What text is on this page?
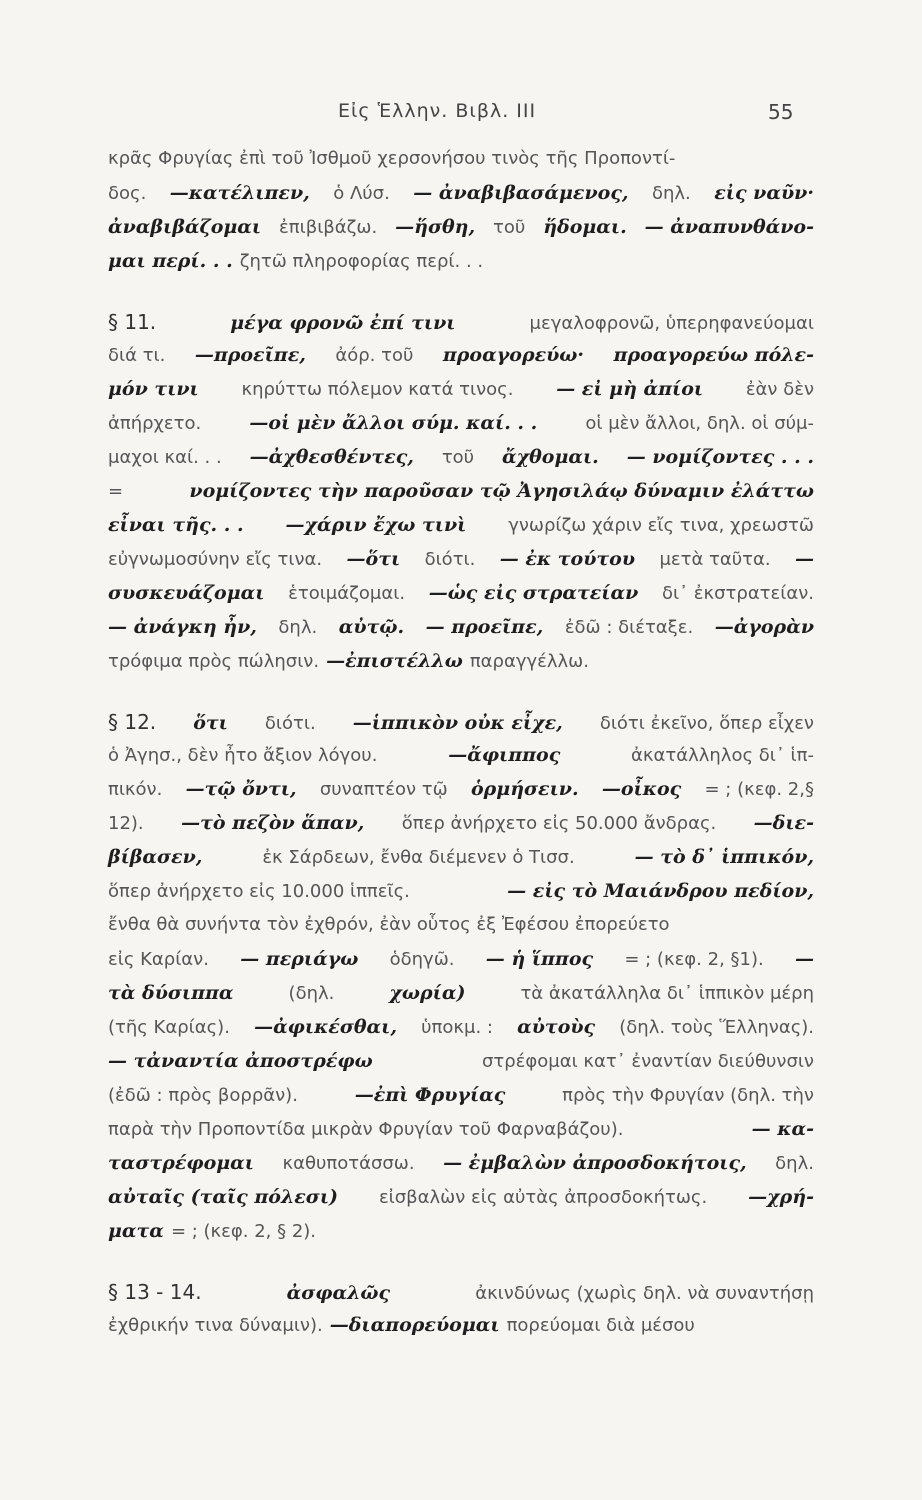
Εἰς Ἑλλην. Βιβλ. ΙΙΙ	55
κρᾶς Φρυγίας ἐπὶ τοῦ Ἰσθμοῦ χερσονήσου τινὸς τῆς Προποντί-
δος. —κατέλιπεν, ὁ Λύσ. — ἀναβιβασάμενος, δηλ. εἰς ναῦν·
ἀναβιβάζομαι ἐπιβιβάζω. —ἥσθη, τοῦ ἥδομαι. — ἀναπυνθάνο-
μαι περί. . . ζητῶ πληροφορίας περί. . .
§ 11.	μέγα φρονῶ ἐπί τινι	μεγαλοφρονῶ, ὑπερηφανεύομαι
διά τι. —προεῖπε, ἀόρ. τοῦ προαγορεύω· προαγορεύω πόλε-
μόν τινι κηρύττω πόλεμον κατά τινος. — εἰ μὴ ἀπίοι ἐὰν δὲν
ἀπήρχετο.	—οἱ μὲν ἄλλοι σύμ. καί. . .	οἱ μὲν ἄλλοι, δηλ. οἱ σύμ-
μαχοι καί. . . —ἀχθεσθέντες, τοῦ ἄχθομαι. — νομίζοντες . . .
=	νομίζοντες τὴν παροῦσαν τῷ Ἀγησιλάῳ δύναμιν ἐλάττω
εἶναι τῆς. . . —χάριν ἔχω τινὶ γνωρίζω χάριν εἴς τινα, χρεωστῶ
εὐγνωμοσύνην εἴς τινα. —ὅτι διότι. — ἐκ τούτου μετὰ ταῦτα. —
συσκευάζομαι ἑτοιμάζομαι. —ὡς εἰς στρατείαν δι᾽ ἐκστρατείαν.
— ἀνάγκη ἦν, δηλ. αὐτῷ. — προεῖπε, ἐδῶ : διέταξε. —ἀγορὰν
τρόφιμα πρὸς πώλησιν. —ἐπιστέλλω παραγγέλλω.
§ 12. ὅτι διότι. —ἱππικὸν οὐκ εἶχε, διότι ἐκεῖνο, ὅπερ εἶχεν
ὁ Ἀγησ., δὲν ἦτο ἄξιον λόγου.	—ἄφιππος	ἀκατάλληλος δι᾽ ἱπ-
πικόν. —τῷ ὄντι, συναπτέον τῷ ὁρμήσειν. —οἶκος = ; (κεφ. 2,§
12). —τὸ πεζὸν ἅπαν, ὅπερ ἀνήρχετο εἰς 50.000 ἄνδρας. —διε-
βίβασεν,	ἐκ Σάρδεων, ἔνθα διέμενεν ὁ Τισσ.	— τὸ δ᾽ ἱππικόν,
ὅπερ ἀνήρχετο εἰς 10.000 ἱππεῖς.	— εἰς τὸ Μαιάνδρου πεδίον,
ἔνθα θὰ συνήντα τὸν ἐχθρόν, ἐὰν οὗτος ἐξ Ἐφέσου ἐπορεύετο
εἰς Καρίαν. — περιάγω ὁδηγῶ. — ἡ ἵππος = ; (κεφ. 2, §1). —
τὰ δύσιππα	(δηλ.	χωρία)	τὰ ἀκατάλληλα δι᾽ ἱππικὸν μέρη
(τῆς Καρίας). —ἀφικέσθαι, ὑποκμ. : αὐτοὺς (δηλ. τοὺς Ἕλληνας).
— τἀναντία ἀποστρέφω	στρέφομαι κατ᾽ ἐναντίαν διεύθυνσιν
(ἐδῶ : πρὸς βορρᾶν).	—ἐπὶ Φρυγίας	πρὸς τὴν Φρυγίαν (δηλ. τὴν
παρὰ τὴν Προποντίδα μικρὰν Φρυγίαν τοῦ Φαρναβάζου).	— κα-
ταστρέφομαι καθυποτάσσω. — ἐμβαλὼν ἀπροσδοκήτοις, δηλ.
αὐταῖς (ταῖς πόλεσι) εἰσβαλὼν εἰς αὐτὰς ἀπροσδοκήτως. —χρή-
ματα = ; (κεφ. 2, § 2).
§ 13 - 14.	ἀσφαλῶς	ἀκινδύνως (χωρὶς δηλ. νὰ συναντήσῃ
ἐχθρικήν τινα δύναμιν). —διαπορεύομαι πορεύομαι διὰ μέσου
